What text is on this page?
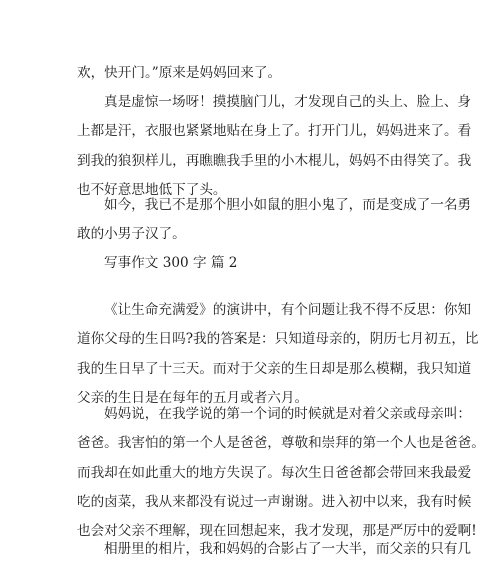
欢，快开门。”原来是妈妈回来了。
真是虚惊一场呀！摸摸脑门儿，才发现自己的头上、脸上、身
上都是汗，衣服也紧紧地贴在身上了。打开门儿，妈妈进来了。看
到我的狼狈样儿，再瞧瞧我手里的小木棍儿，妈妈不由得笑了。我
也不好意思地低下了头。
如今，我已不是那个胆小如鼠的胆小鬼了，而是变成了一名勇
敢的小男子汉了。
写事作文 300 字 篇 2
《让生命充满爱》的演讲中，有个问题让我不得不反思：你知
道你父母的生日吗?我的答案是：只知道母亲的，阴历七月初五，比
我的生日早了十三天。而对于父亲的生日却是那么模糊，我只知道
父亲的生日是在每年的五月或者六月。
妈妈说，在我学说的第一个词的时候就是对着父亲或母亲叫：
爸爸。我害怕的第一个人是爸爸，尊敬和崇拜的第一个人也是爸爸。
而我却在如此重大的地方失误了。每次生日爸爸都会带回来我最爱
吃的卤菜，我从来都没有说过一声谢谢。进入初中以来，我有时候
也会对父亲不理解，现在回想起来，我才发现，那是严厉中的爱啊!
相册里的相片，我和妈妈的合影占了一大半，而父亲的只有几
